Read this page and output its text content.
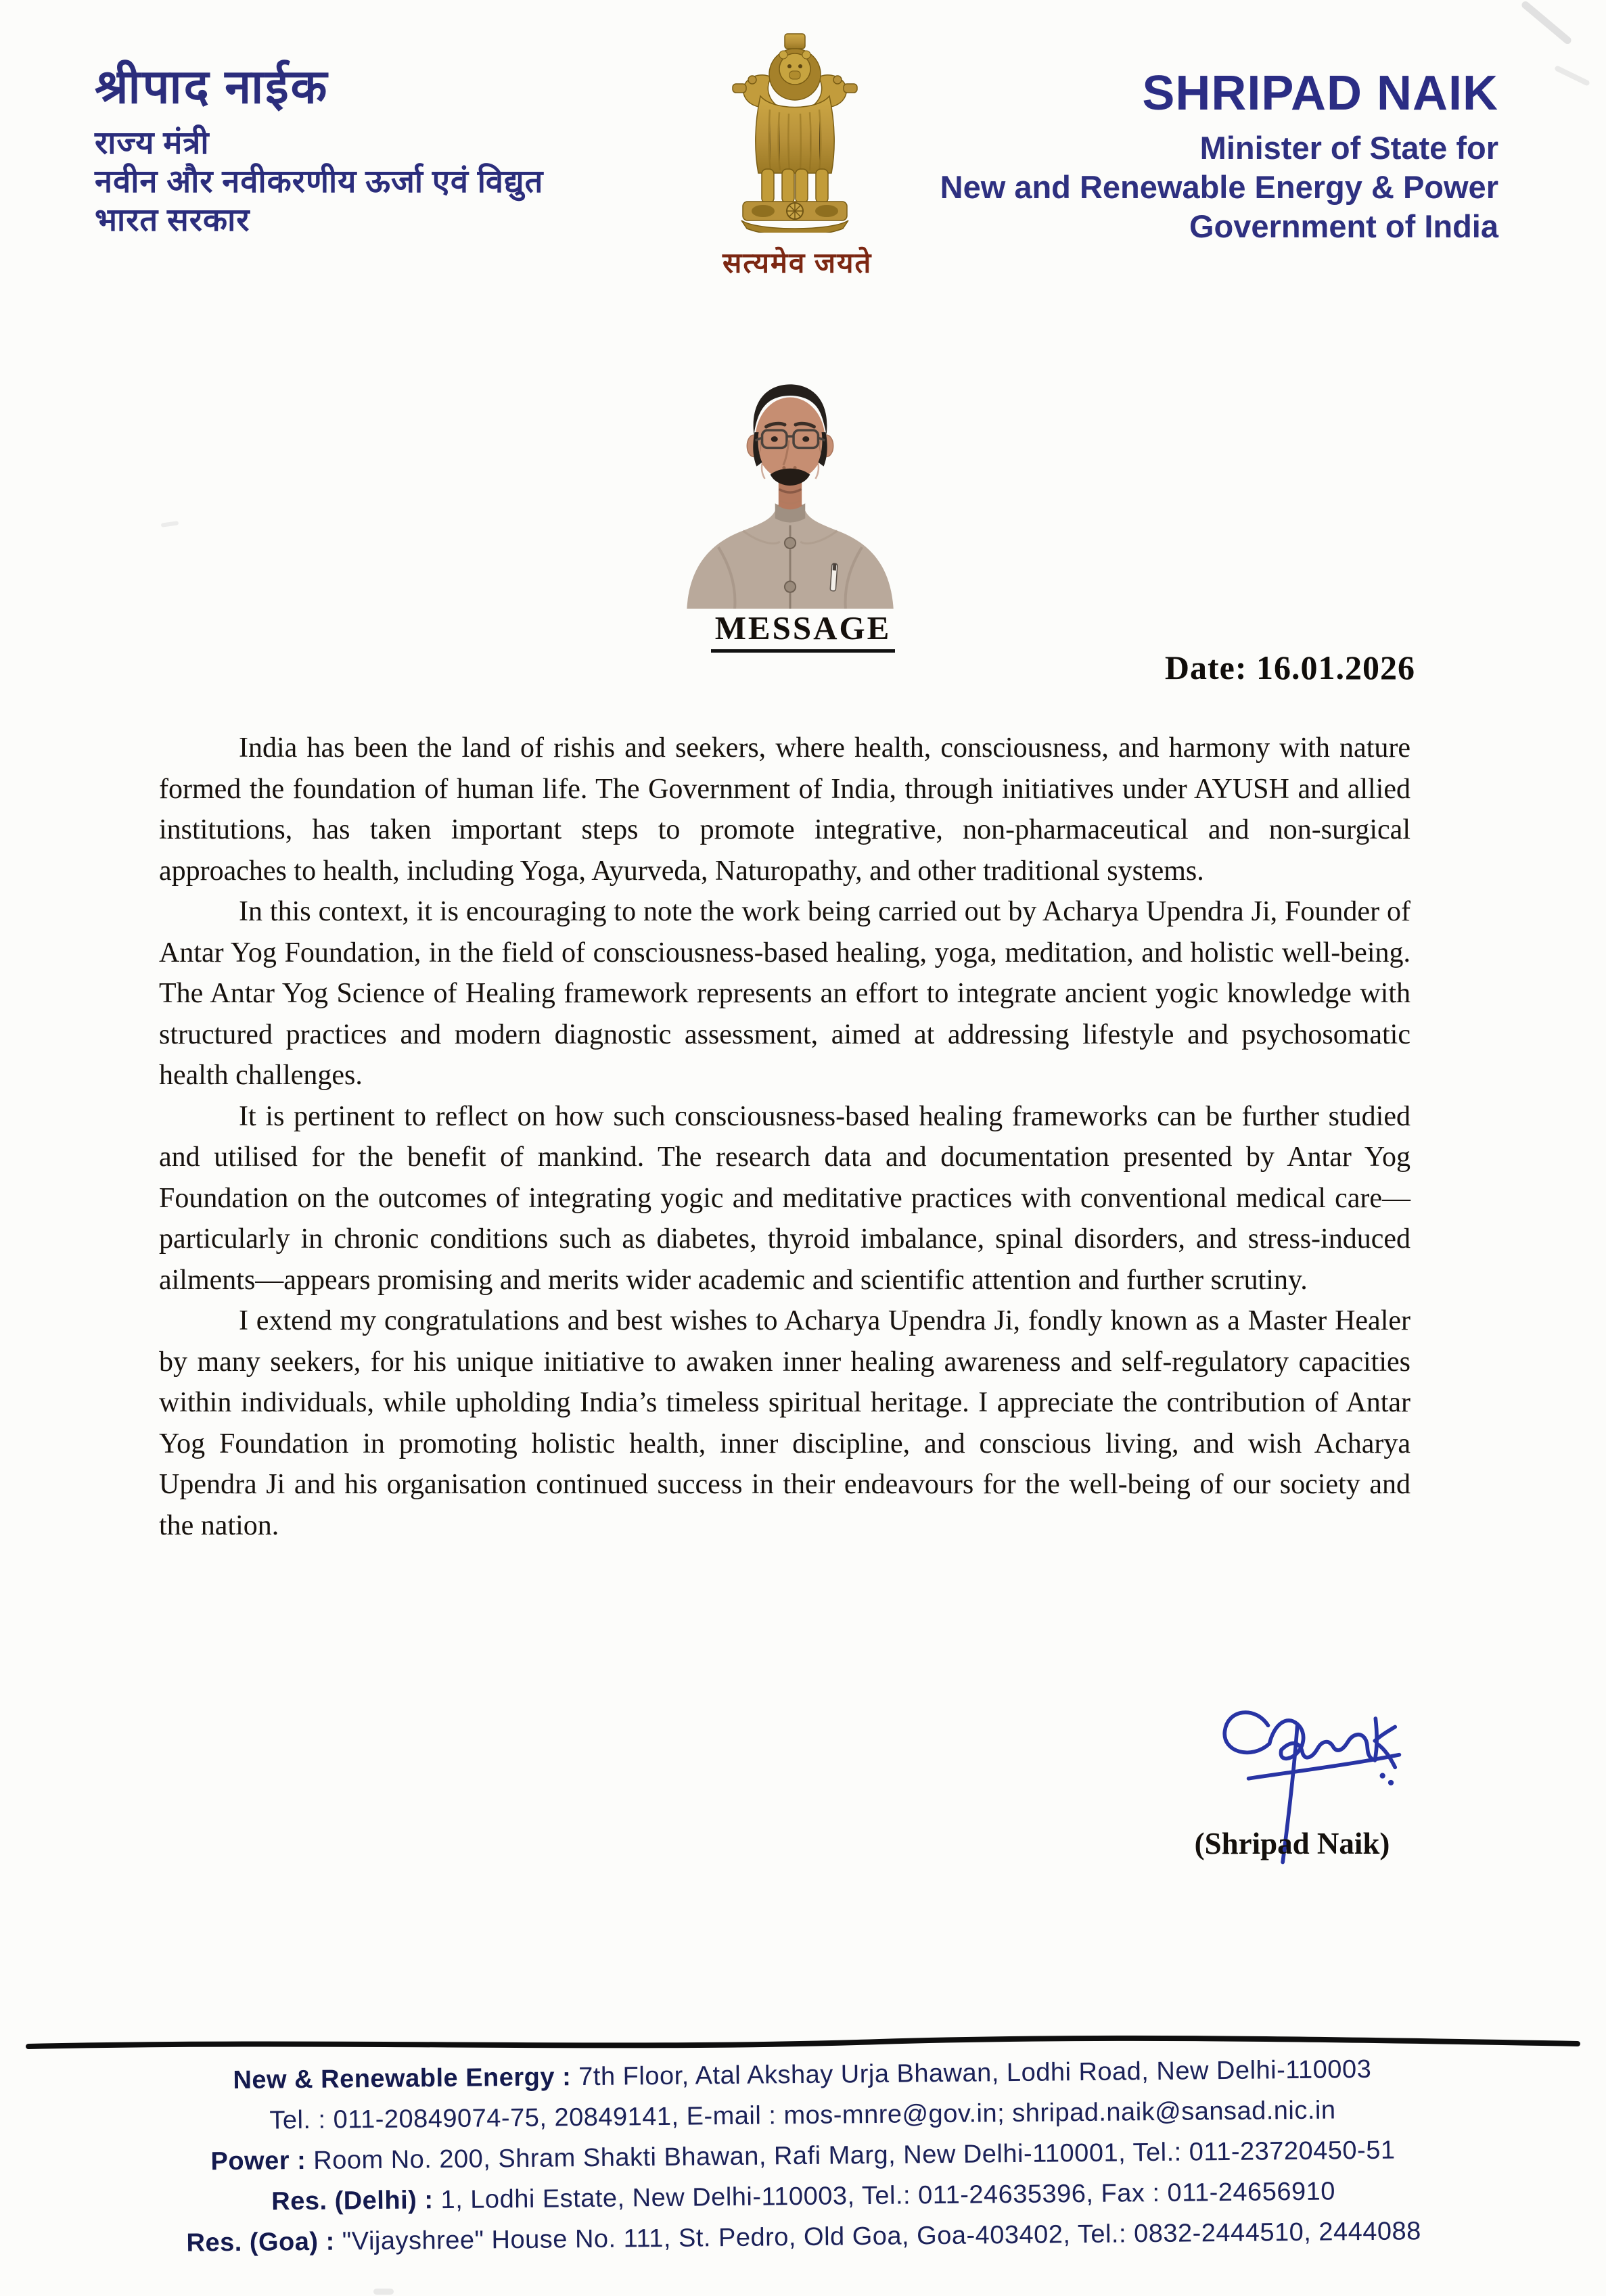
श्रीपाद नाईक
राज्य मंत्री
नवीन और नवीकरणीय ऊर्जा एवं विद्युत
भारत सरकार
सत्यमेव जयते
SHRIPAD NAIK
Minister of State for
New and Renewable Energy & Power
Government of India
MESSAGE
Date: 16.01.2026

India has been the land of rishis and seekers, where health, consciousness, and harmony with nature formed the foundation of human life. The Government of India, through initiatives under AYUSH and allied institutions, has taken important steps to promote integrative, non-pharmaceutical and non-surgical approaches to health, including Yoga, Ayurveda, Naturopathy, and other traditional systems.

In this context, it is encouraging to note the work being carried out by Acharya Upendra Ji, Founder of Antar Yog Foundation, in the field of consciousness-based healing, yoga, meditation, and holistic well-being. The Antar Yog Science of Healing framework represents an effort to integrate ancient yogic knowledge with structured practices and modern diagnostic assessment, aimed at addressing lifestyle and psychosomatic health challenges.

It is pertinent to reflect on how such consciousness-based healing frameworks can be further studied and utilised for the benefit of mankind. The research data and documentation presented by Antar Yog Foundation on the outcomes of integrating yogic and meditative practices with conventional medical care—particularly in chronic conditions such as diabetes, thyroid imbalance, spinal disorders, and stress-induced ailments—appears promising and merits wider academic and scientific attention and further scrutiny.

I extend my congratulations and best wishes to Acharya Upendra Ji, fondly known as a Master Healer by many seekers, for his unique initiative to awaken inner healing awareness and self-regulatory capacities within individuals, while upholding India’s timeless spiritual heritage. I appreciate the contribution of Antar Yog Foundation in promoting holistic health, inner discipline, and conscious living, and wish Acharya Upendra Ji and his organisation continued success in their endeavours for the well-being of our society and the nation.

(Shripad Naik)
New & Renewable Energy : 7th Floor, Atal Akshay Urja Bhawan, Lodhi Road, New Delhi-110003
Tel. : 011-20849074-75, 20849141, E-mail : mos-mnre@gov.in; shripad.naik@sansad.nic.in
Power : Room No. 200, Shram Shakti Bhawan, Rafi Marg, New Delhi-110001, Tel.: 011-23720450-51
Res. (Delhi) : 1, Lodhi Estate, New Delhi-110003, Tel.: 011-24635396, Fax : 011-24656910
Res. (Goa) : "Vijayshree" House No. 111, St. Pedro, Old Goa, Goa-403402, Tel.: 0832-2444510, 2444088
